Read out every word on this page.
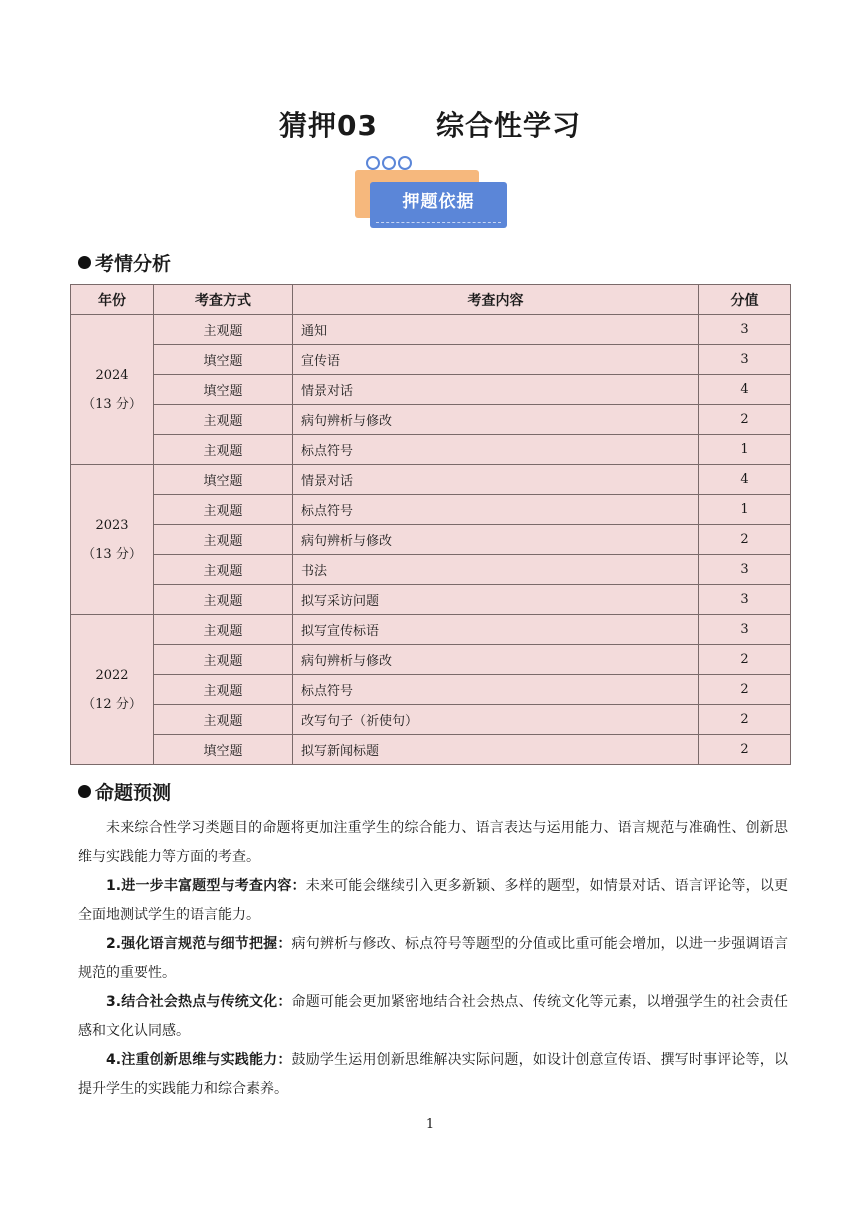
猜押03 综合性学习
押题依据
考情分析
年份	考查方式	考查内容	分值
2024
（13 分）	主观题	通知	3
	填空题	宣传语	3
	填空题	情景对话	4
	主观题	病句辨析与修改	2
	主观题	标点符号	1
2023
（13 分）	填空题	情景对话	4
	主观题	标点符号	1
	主观题	病句辨析与修改	2
	主观题	书法	3
	主观题	拟写采访问题	3
2022
（12 分）	主观题	拟写宣传标语	3
	主观题	病句辨析与修改	2
	主观题	标点符号	2
	主观题	改写句子（祈使句）	2
	填空题	拟写新闻标题	2
命题预测
未来综合性学习类题目的命题将更加注重学生的综合能力、语言表达与运用能力、语言规范与准确性、创新思维与实践能力等方面的考查。
1.进一步丰富题型与考查内容：未来可能会继续引入更多新颖、多样的题型，如情景对话、语言评论等，以更全面地测试学生的语言能力。
2.强化语言规范与细节把握：病句辨析与修改、标点符号等题型的分值或比重可能会增加，以进一步强调语言规范的重要性。
3.结合社会热点与传统文化：命题可能会更加紧密地结合社会热点、传统文化等元素，以增强学生的社会责任感和文化认同感。
4.注重创新思维与实践能力：鼓励学生运用创新思维解决实际问题，如设计创意宣传语、撰写时事评论等，以提升学生的实践能力和综合素养。
1
